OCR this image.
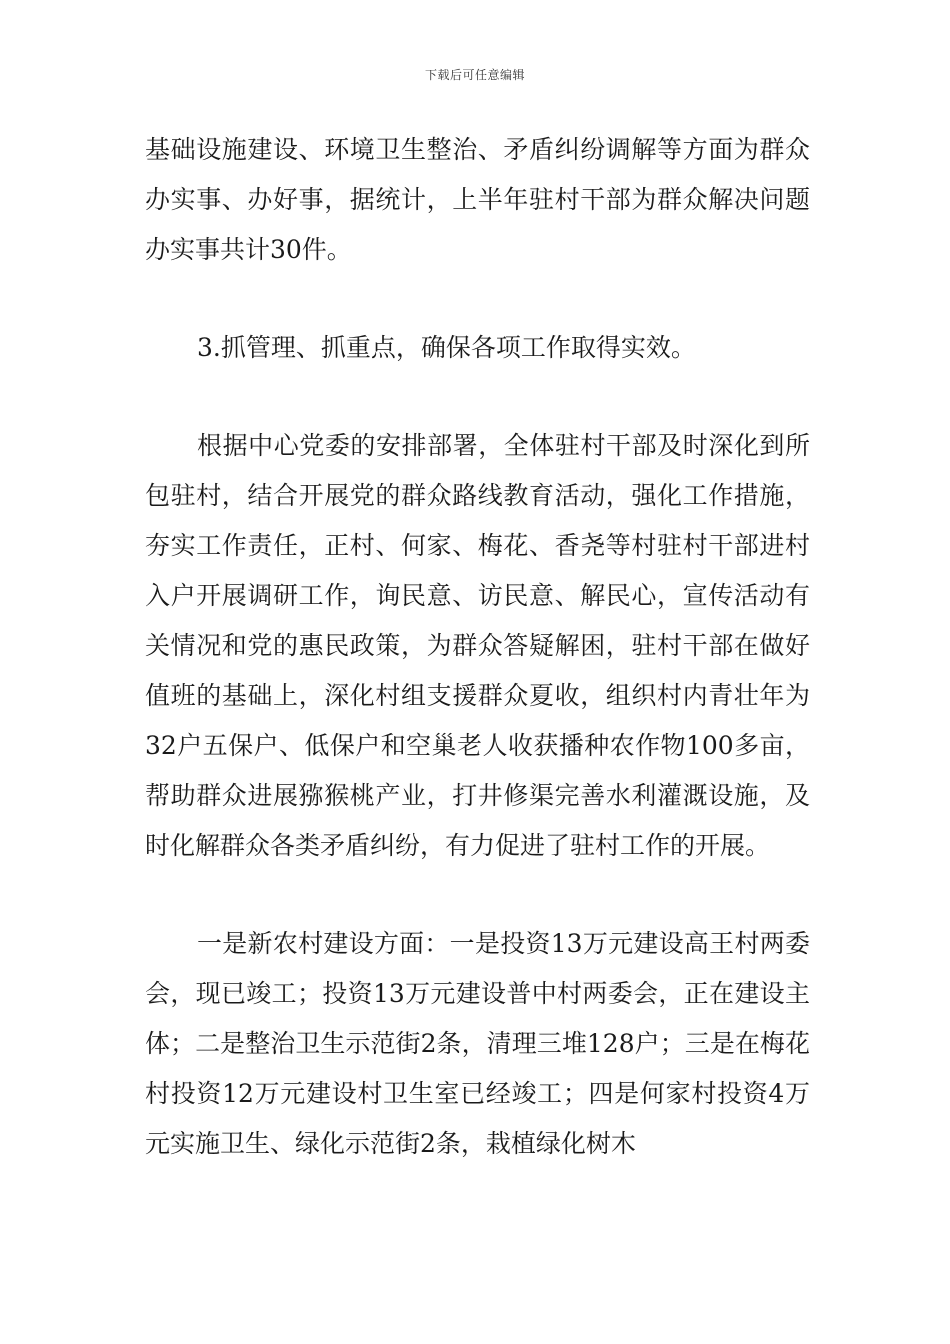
下载后可任意编辑

基础设施建设、环境卫生整治、矛盾纠纷调解等方面为群众办实事、办好事，据统计，上半年驻村干部为群众解决问题办实事共计30件。

3.抓管理、抓重点，确保各项工作取得实效。

根据中心党委的安排部署，全体驻村干部及时深化到所包驻村，结合开展党的群众路线教育活动，强化工作措施，夯实工作责任，正村、何家、梅花、香尧等村驻村干部进村入户开展调研工作，询民意、访民意、解民心，宣传活动有关情况和党的惠民政策，为群众答疑解困，驻村干部在做好值班的基础上，深化村组支援群众夏收，组织村内青壮年为32户五保户、低保户和空巢老人收获播种农作物100多亩，帮助群众进展猕猴桃产业，打井修渠完善水利灌溉设施，及时化解群众各类矛盾纠纷，有力促进了驻村工作的开展。

一是新农村建设方面：一是投资13万元建设高王村两委会，现已竣工；投资13万元建设普中村两委会，正在建设主体；二是整治卫生示范街2条，清理三堆128户；三是在梅花村投资12万元建设村卫生室已经竣工；四是何家村投资4万元实施卫生、绿化示范街2条，栽植绿化树木
